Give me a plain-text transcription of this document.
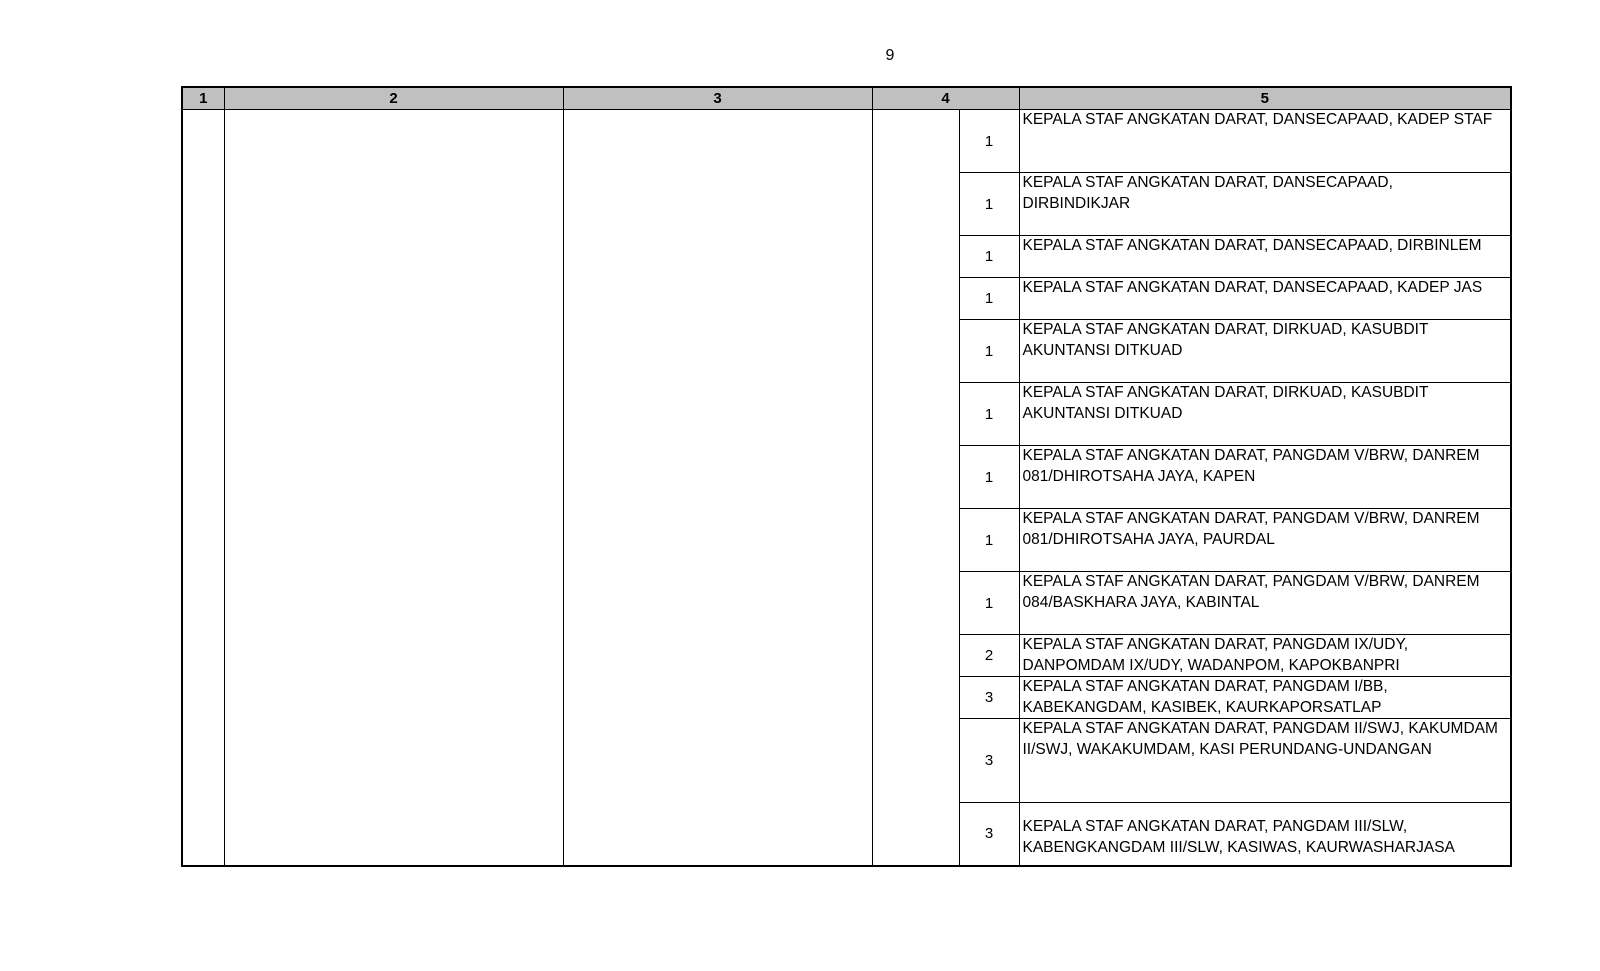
9
1	2	3	4		5
				1	KEPALA STAF ANGKATAN DARAT, DANSECAPAAD, KADEP STAF
				1	KEPALA STAF ANGKATAN DARAT, DANSECAPAAD, DIRBINDIKJAR
				1	KEPALA STAF ANGKATAN DARAT, DANSECAPAAD, DIRBINLEM
				1	KEPALA STAF ANGKATAN DARAT, DANSECAPAAD, KADEP JAS
				1	KEPALA STAF ANGKATAN DARAT, DIRKUAD, KASUBDIT AKUNTANSI DITKUAD
				1	KEPALA STAF ANGKATAN DARAT, DIRKUAD, KASUBDIT AKUNTANSI DITKUAD
				1	KEPALA STAF ANGKATAN DARAT, PANGDAM V/BRW, DANREM 081/DHIROTSAHA JAYA, KAPEN
				1	KEPALA STAF ANGKATAN DARAT, PANGDAM V/BRW, DANREM 081/DHIROTSAHA JAYA, PAURDAL
				1	KEPALA STAF ANGKATAN DARAT, PANGDAM V/BRW, DANREM 084/BASKHARA JAYA, KABINTAL
				2	KEPALA STAF ANGKATAN DARAT, PANGDAM IX/UDY, DANPOMDAM IX/UDY, WADANPOM, KAPOKBANPRI
				3	KEPALA STAF ANGKATAN DARAT, PANGDAM I/BB, KABEKANGDAM, KASIBEK, KAURKAPORSATLAP
				3	KEPALA STAF ANGKATAN DARAT, PANGDAM II/SWJ, KAKUMDAM II/SWJ, WAKAKUMDAM, KASI PERUNDANG-UNDANGAN
				3	KEPALA STAF ANGKATAN DARAT, PANGDAM III/SLW, KABENGKANGDAM III/SLW, KASIWAS, KAURWASHARJASA
